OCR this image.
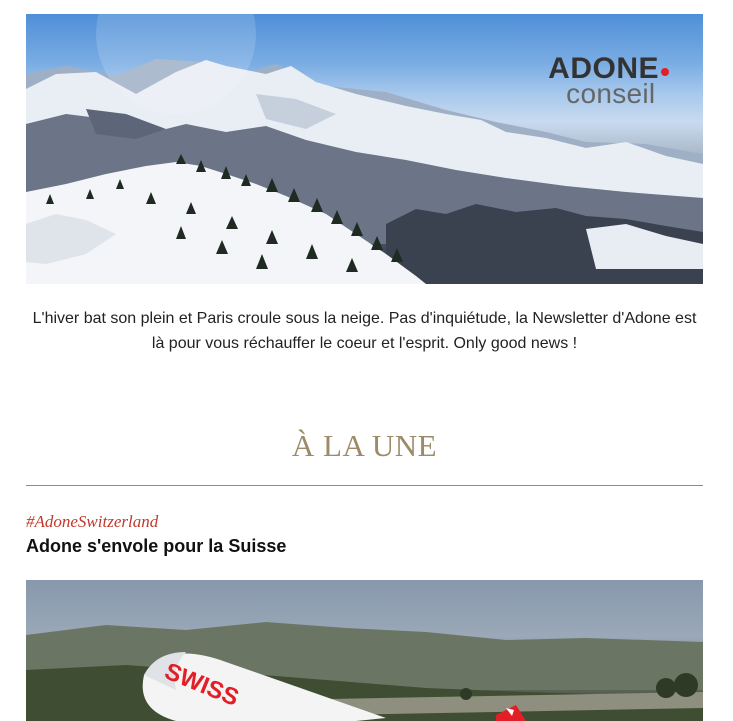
ADONE
conseil
L'hiver bat son plein et Paris croule sous la neige. Pas d'inquiétude, la Newsletter d'Adone est là pour vous réchauffer le coeur et l'esprit. Only good news !
À LA UNE
#AdoneSwitzerland
Adone s'envole pour la Suisse
SWISS
